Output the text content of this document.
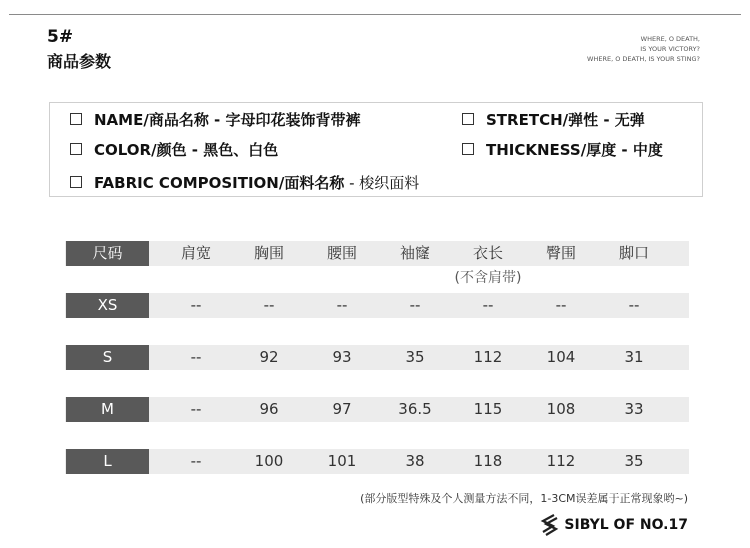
5#
商品参数
WHERE, O DEATH,
IS YOUR VICTORY?
WHERE, O DEATH, IS YOUR STING?
NAME/商品名称 - 字母印花装饰背带裤
COLOR/颜色 - 黑色、白色
FABRIC COMPOSITION/面料名称 - 梭织面料
STRETCH/弹性 - 无弹
THICKNESS/厚度 - 中度
尺码	肩宽	胸围	腰围	袖窿	衣长	臀围	脚口
(不含肩带)
XS	--	--	--	--	--	--	--
S	--	92	93	35	112	104	31
M	--	96	97	36.5	115	108	33
L	--	100	101	38	118	112	35
(部分版型特殊及个人测量方法不同，1-3CM误差属于正常现象哟~)
SIBYL OF NO.17
